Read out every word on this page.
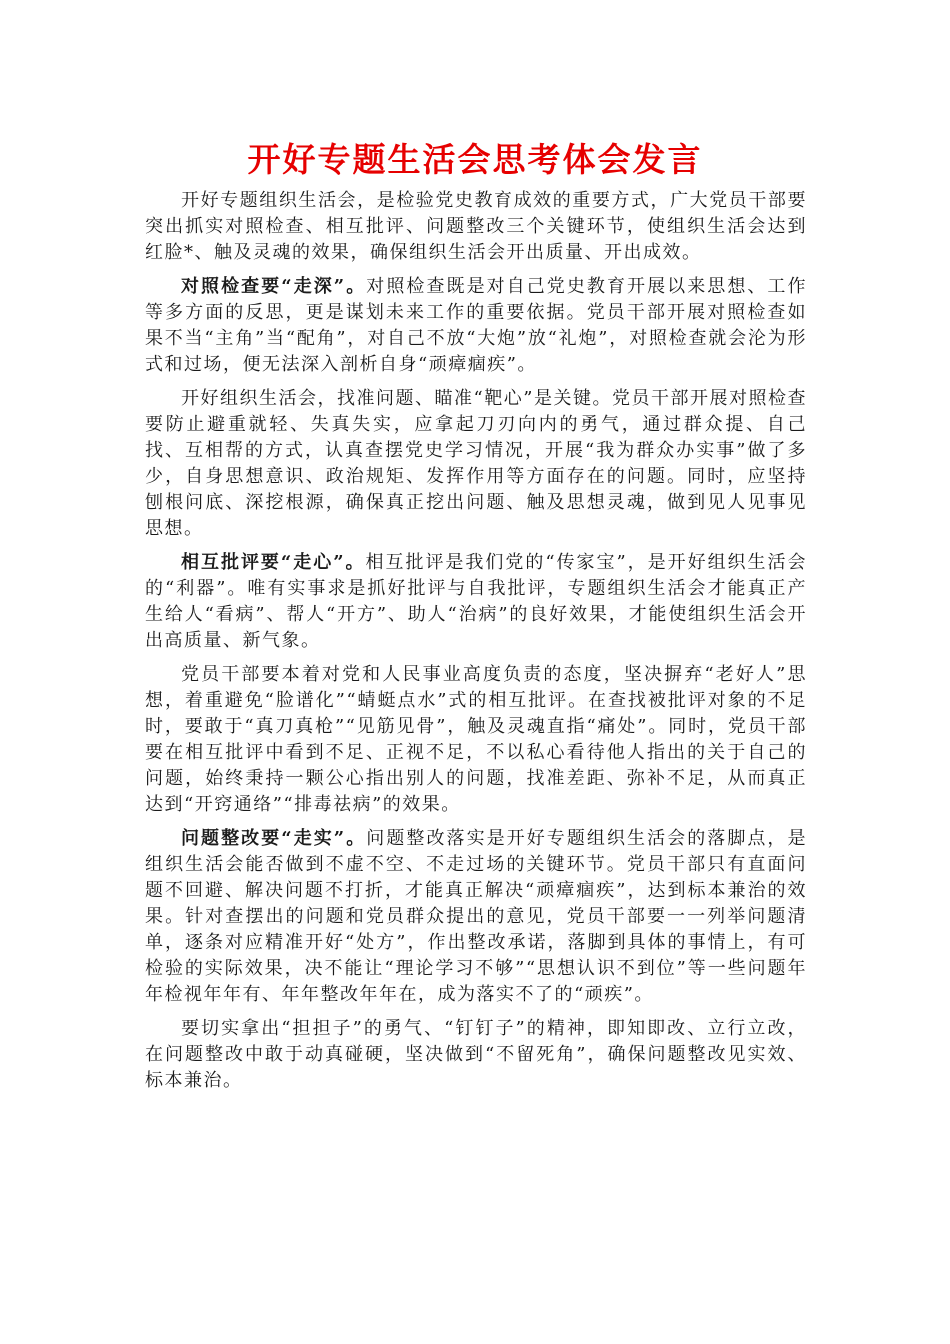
开好专题生活会思考体会发言

开好专题组织生活会，是检验党史教育成效的重要方式，广大党员干部要突出抓实对照检查、相互批评、问题整改三个关键环节，使组织生活会达到红脸*、触及灵魂的效果，确保组织生活会开出质量、开出成效。

对照检查要“走深”。对照检查既是对自己党史教育开展以来思想、工作等多方面的反思，更是谋划未来工作的重要依据。党员干部开展对照检查如果不当“主角”当“配角”，对自己不放“大炮”放“礼炮”，对照检查就会沦为形式和过场，便无法深入剖析自身“顽瘴痼疾”。

开好组织生活会，找准问题、瞄准“靶心”是关键。党员干部开展对照检查要防止避重就轻、失真失实，应拿起刀刃向内的勇气，通过群众提、自己找、互相帮的方式，认真查摆党史学习情况，开展“我为群众办实事”做了多少，自身思想意识、政治规矩、发挥作用等方面存在的问题。同时，应坚持刨根问底、深挖根源，确保真正挖出问题、触及思想灵魂，做到见人见事见思想。

相互批评要“走心”。相互批评是我们党的“传家宝”，是开好组织生活会的“利器”。唯有实事求是抓好批评与自我批评，专题组织生活会才能真正产生给人“看病”、帮人“开方”、助人“治病”的良好效果，才能使组织生活会开出高质量、新气象。

党员干部要本着对党和人民事业高度负责的态度，坚决摒弃“老好人”思想，着重避免“脸谱化”“蜻蜓点水”式的相互批评。在查找被批评对象的不足时，要敢于“真刀真枪”“见筋见骨”，触及灵魂直指“痛处”。同时，党员干部要在相互批评中看到不足、正视不足，不以私心看待他人指出的关于自己的问题，始终秉持一颗公心指出别人的问题，找准差距、弥补不足，从而真正达到“开窍通络”“排毒祛病”的效果。

问题整改要“走实”。问题整改落实是开好专题组织生活会的落脚点，是组织生活会能否做到不虚不空、不走过场的关键环节。党员干部只有直面问题不回避、解决问题不打折，才能真正解决“顽瘴痼疾”，达到标本兼治的效果。针对查摆出的问题和党员群众提出的意见，党员干部要一一列举问题清单，逐条对应精准开好“处方”，作出整改承诺，落脚到具体的事情上，有可检验的实际效果，决不能让“理论学习不够”“思想认识不到位”等一些问题年年检视年年有、年年整改年年在，成为落实不了的“顽疾”。

要切实拿出“担担子”的勇气、“钉钉子”的精神，即知即改、立行立改，在问题整改中敢于动真碰硬，坚决做到“不留死角”，确保问题整改见实效、标本兼治。
